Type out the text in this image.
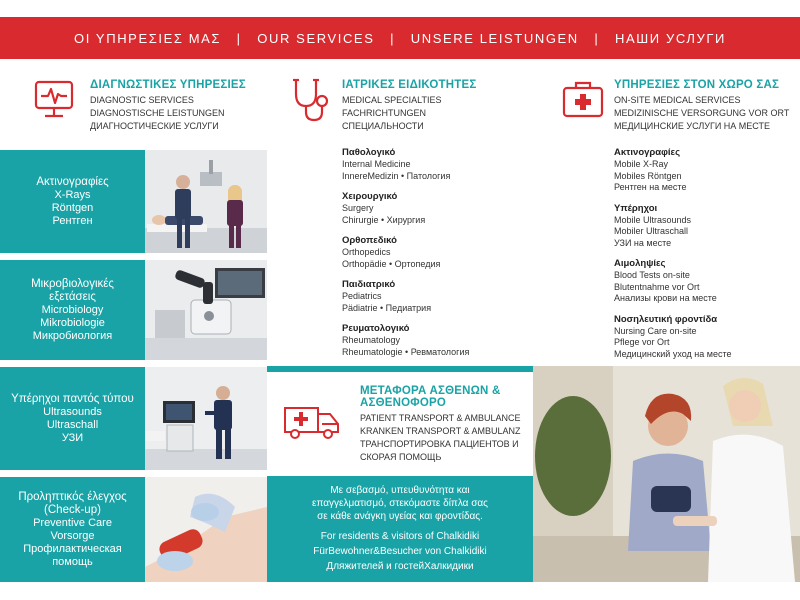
ΟΙ ΥΠΗΡΕΣΙΕΣ ΜΑΣ   |   OUR SERVICES   |   UNSERE LEISTUNGEN   |   НАШИ УСЛУГИ
ΔΙΑΓΝΩΣΤΙΚΕΣ ΥΠΗΡΕΣΙΕΣ
DIAGNOSTIC SERVICES
DIAGNOSTISCHE LEISTUNGEN
ДИАГНОСТИЧЕСКИЕ УСЛУГИ
ΙΑΤΡΙΚΕΣ ΕΙΔΙΚΟΤΗΤΕΣ
MEDICAL SPECIALTIES
FACHRICHTUNGEN
СПЕЦИАЛЬНОСТИ
Παθολογικό
Internal Medicine
InnereMedizin • Патология
Χειρουργικό
Surgery
Chirurgie • Хирургия
Ορθοπεδικό
Orthopedics
Orthopädie • Ортопедия
Παιδιατρικό
Pediatrics
Pädiatrie • Педиатрия
Ρευματολογικό
Rheumatology
Rheumatologie • Ревматология
ΥΠΗΡΕΣΙΕΣ ΣΤΟΝ ΧΩΡΟ ΣΑΣ
ON-SITE MEDICAL SERVICES
MEDIZINISCHE VERSORGUNG VOR ORT
МЕДИЦИНСКИЕ УСЛУГИ НА МЕСТЕ
Ακτινογραφίες
Mobile X-Ray
Mobiles Röntgen
Рентген на месте
Υπέρηχοι
Mobile Ultrasounds
Mobiler Ultraschall
УЗИ на месте
Αιμοληψίες
Blood Tests on-site
Blutentnahme vor Ort
Анализы крови на месте
Νοσηλευτική φροντίδα
Nursing Care on-site
Pflege vor Ort
Медицинский уход на месте
Ακτινογραφίες
X-Rays
Röntgen
Рентген
Μικροβιολογικές εξετάσεις
Microbiology
Mikrobiologie
Микробиология
Υπέρηχοι παντός τύπου
Ultrasounds
Ultraschall
УЗИ
Προληπτικός έλεγχος (Check-up)
Preventive Care
Vorsorge
Профилактическая помощь
ΜΕΤΑΦΟΡΑ ΑΣΘΕΝΩΝ &
ΑΣΘΕΝΟΦΟΡΟ
PATIENT TRANSPORT & AMBULANCE
KRANKEN TRANSPORT & AMBULANZ
ТРАНСПОРТИРОВКА ПАЦИЕНТОВ И
СКОРАЯ ПОМОЩЬ
Με σεβασμό, υπευθυνότητα και
επαγγελματισμό, στεκόμαστε δίπλα σας
σε κάθε ανάγκη υγείας και φροντίδας.
For residents & visitors of Chalkidiki
FürBewohner&Besucher von Chalkidiki
Дляжителей и гостейХалкидики
